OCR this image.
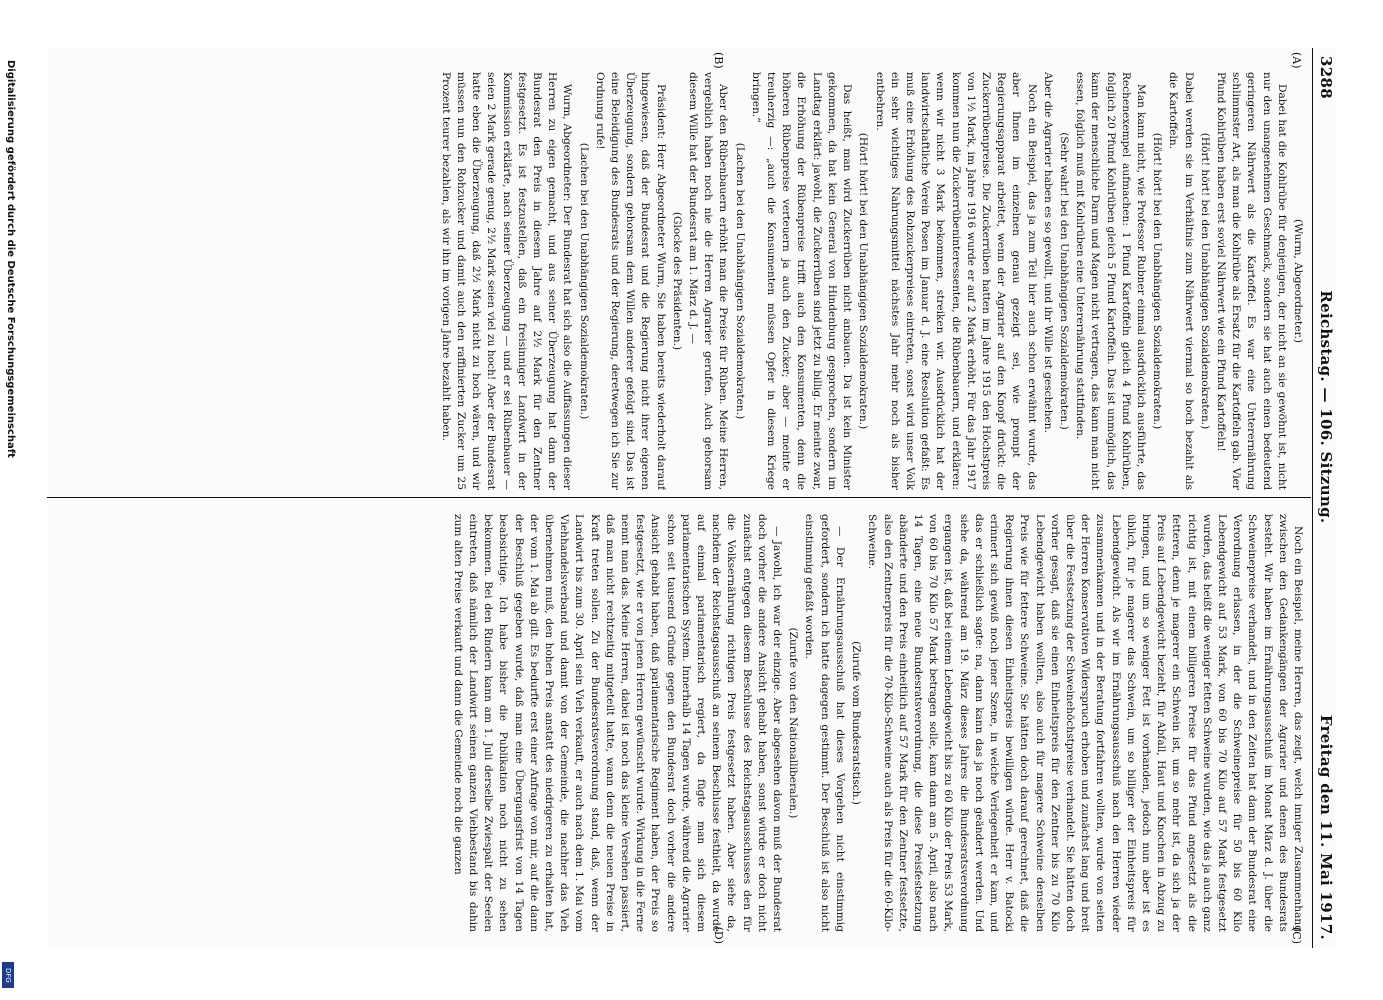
3288
Reichstag. — 106. Sitzung.
Freitag den 11. Mai 1917.
(A)
(B)
(C)
(D)

(Wurm, Abgeordneter.)

Dabei hat die Kohlrübe für denjenigen, der nicht an sie gewöhnt ist, nicht nur den unangenehmen Geschmack, sondern sie hat auch einen bedeutend geringeren Nährwert als die Kartoffel. Es war eine Unterernährung schlimmster Art, als man die Kohlrübe als Ersatz für die Kartoffeln gab. Vier Pfund Kohlrüben haben erst soviel Nährwert wie ein Pfund Kartoffeln!

(Hört! hört! bei den Unabhängigen Sozialdemokraten.)

Dabei werden sie im Verhältnis zum Nährwert viermal so hoch bezahlt als die Kartoffeln.

(Hört! hört! bei den Unabhängigen Sozialdemokraten.)

Man kann nicht, wie Professor Rubner einmal ausdrücklich ausführte, das Rechenexempel aufmachen: 1 Pfund Kartoffeln gleich 4 Pfund Kohlrüben, folglich 20 Pfund Kohlrüben gleich 5 Pfund Kartoffeln. Das ist unmöglich, das kann der menschliche Darm und Magen nicht vertragen, das kann man nicht essen, folglich muß mit Kohlrüben eine Unterernährung stattfinden.

(Sehr wahr! bei den Unabhängigen Sozialdemokraten.)

Aber die Agrarier haben es so gewollt, und ihr Wille ist geschehen.

Noch ein Beispiel, das ja zum Teil hier auch schon erwähnt wurde, das aber Ihnen im einzelnen genau gezeigt sei, wie prompt der Regierungsapparat arbeitet, wenn der Agrarier auf den Knopf drückt: die Zuckerrübenpreise. Die Zuckerrüben hatten im Jahre 1915 den Höchstpreis von 1½ Mark, im Jahre 1916 wurde er auf 2 Mark erhöht. Für das Jahr 1917 kommen nun die Zuckerrübeninteressenten, die Rübenbauern, und erklären: wenn wir nicht 3 Mark bekommen, streiken wir. Ausdrücklich hat der landwirtschaftliche Verein Posen im Januar d. J. eine Resolution gefaßt: Es muß eine Erhöhung des Rohzuckerpreises eintreten, sonst wird unser Volk ein sehr wichtiges Nahrungsmittel nächstes Jahr mehr noch als bisher entbehren.

(Hört! hört! bei den Unabhängigen Sozialdemokraten.)

Das heißt, man wird Zuckerrüben nicht anbauen. Da ist kein Minister gekommen, da hat kein General von Hindenburg gesprochen, sondern im Landtag erklärt: jawohl, die Zuckerrüben sind jetzt zu billig. Er meinte zwar, die Erhöhung der Rübenpreise trifft auch den Konsumenten, denn die höheren Rübenpreise verteuern ja auch den Zucker; aber — meinte er treuherzig —: „auch die Konsumenten müssen Opfer in diesem Kriege bringen.“

(Lachen bei den Unabhängigen Sozialdemokraten.)

Aber den Rübenbauern erhöht man die Preise für Rüben. Meine Herren, vergeblich haben noch nie die Herren Agrarier gerufen. Auch gehorsam diesem Wille hat der Bundesrat am 1. März d. J. —

(Glocke des Präsidenten.)

Präsident: Herr Abgeordneter Wurm, Sie haben bereits wiederholt darauf hingewiesen, daß der Bundesrat und die Regierung nicht ihrer eigenen Überzeugung, sondern gehorsam dem Willen anderer gefolgt sind. Das ist eine Beleidigung des Bundesrats und der Regierung, deretwegen ich Sie zur Ordnung rufe!

(Lachen bei den Unabhängigen Sozialdemokraten.)

Wurm, Abgeordneter: Der Bundesrat hat sich also die Auffassungen dieser Herren zu eigen gemacht, und aus seiner Überzeugung hat dann der Bundesrat den Preis in diesem Jahre auf 2½ Mark für den Zentner festgesetzt. Es ist festzustellen, daß ein freisinniger Landwirt in der Kommission erklärte, nach seiner Überzeugung — und er sei Rübenbauer — seien 2 Mark gerade genug, 2½ Mark seien viel zu hoch! Aber der Bundesrat hatte eben die Überzeugung, daß 2½ Mark nicht zu hoch wären, und wir müssen nun den Rohzucker und damit auch den raffinierten Zucker um 25 Prozent teurer bezahlen, als wir ihn im vorigen Jahre bezahlt haben.

Noch ein Beispiel, meine Herren, das zeigt, welch inniger Zusammenhang zwischen den Gedankengängen der Agrarier und denen des Bundesrats besteht. Wir haben im Ernährungsausschuß im Monat März d. J. über die Schweinepreise verhandelt, und in den Zeiten hat dann der Bundesrat eine Verordnung erlassen, in der die Schweinepreise für 50 bis 60 Kilo Lebendgewicht auf 53 Mark, von 60 bis 70 Kilo auf 57 Mark festgesetzt wurden, das heißt die weniger fetten Schweine wurden, wie das ja auch ganz richtig ist, mit einem billigeren Preise für das Pfund angesetzt als die fetteren, denn je magerer ein Schwein ist, um so mehr ist, da sich ja der Preis auf Lebendgewicht bezieht, für Abfall, Haut und Knochen in Abzug zu bringen, und um so weniger Fett ist vorhanden, jedoch nun aber ist es üblich, für je magerer das Schwein, um so billiger der Einheitspreis für Lebendgewicht. Als wir im Ernährungsausschuß nach den Herren wieder zusammenkamen und in der Beratung fortfahren wollten, wurde von seiten der Herren Konservativen Widerspruch erhoben und zunächst lang und breit über die Festsetzung der Schweinehöchstpreise verhandelt. Sie hätten doch vorher gesagt, daß sie einen Einheitspreis für den Zentner bis zu 70 Kilo Lebendgewicht haben wollten, also auch für magere Schweine denselben Preis wie für fettere Schweine. Sie hätten doch darauf gerechnet, daß die Regierung ihnen diesen Einheitspreis bewilligen würde. Herr v. Batocki erinnert sich gewiß noch jener Szene, in welche Verlegenheit er kam, und das er schließlich sagte: na, dann kann das ja noch geändert werden. Und siehe da, während am 19. März dieses Jahres die Bundesratsverordnung ergangen ist, daß bei einem Lebendgewicht bis zu 60 Kilo der Preis 53 Mark, von 60 bis 70 Kilo 57 Mark betragen solle, kam dann am 5. April, also nach 14 Tagen, eine neue Bundesratsverordnung, die diese Preisfestsetzung abänderte und den Preis einheitlich auf 57 Mark für den Zentner festsetzte, also den Zentnerpreis für die 70-Kilo-Schweine auch als Preis für die 60-Kilo-Schweine.

(Zurufe vom Bundesratstisch.)

— Der Ernährungsausschuß hat dieses Vorgehen nicht einstimmig gefordert, sondern ich hatte dagegen gestimmt. Der Beschluß ist also nicht einstimmig gefaßt worden.

(Zurufe von den Nationalliberalen.)

— Jawohl, ich war der einzige. Aber abgesehen davon muß der Bundesrat doch vorher die andere Ansicht gehabt haben, sonst würde er doch nicht zunächst entgegen diesem Beschlusse des Reichstagsausschusses den für die Volksernährung richtigen Preis festgesetzt haben. Aber siehe da, nachdem der Reichstagsausschuß an seinem Beschlusse festhielt, da wurde auf einmal parlamentarisch regiert, da fügte man sich diesem parlamentarischen System. Innerhalb 14 Tagen wurde, während die Agrarier schon seit tausend Gründe gegen den Bundesrat doch vorher die andere Ansicht gehabt haben, daß parlamentarische Regiment haben, der Preis so festgesetzt, wie er von jenen Herren gewünscht wurde. Wirkung in die Ferne nennt man das. Meine Herren, dabei ist noch das kleine Versehen passiert, daß man nicht rechtzeitig mitgeteilt hatte, wann denn die neuen Preise in Kraft treten sollen. Zu der Bundesratsverordnung stand, daß, wenn der Landwirt bis zum 30. April sein Vieh verkauft, er auch nach dem 1. Mai vom Viehhandelsverband und damit von der Gemeinde, die nachher das Vieh übernehmen muß, den hohen Preis anstatt des niedrigeren zu erhalten hat, der vom 1. Mai ab gilt. Es bedurfte erst einer Anfrage von mir, auf die dann der Beschluß gegeben wurde, daß man eine Übergangsfrist von 14 Tagen beabsichtige. Ich habe bisher die Publikation noch nicht zu sehen bekommen. Bei den Rindern kann am 1. Juli derselbe Zwiespalt der Seelen eintreten, daß nämlich der Landwirt seinen ganzen Viehbestand bis dahin zum alten Preise verkauft und dann die Gemeinde noch die ganzen

Digitalisierung gefördert durch die Deutsche Forschungsgemeinschaft
DFG
